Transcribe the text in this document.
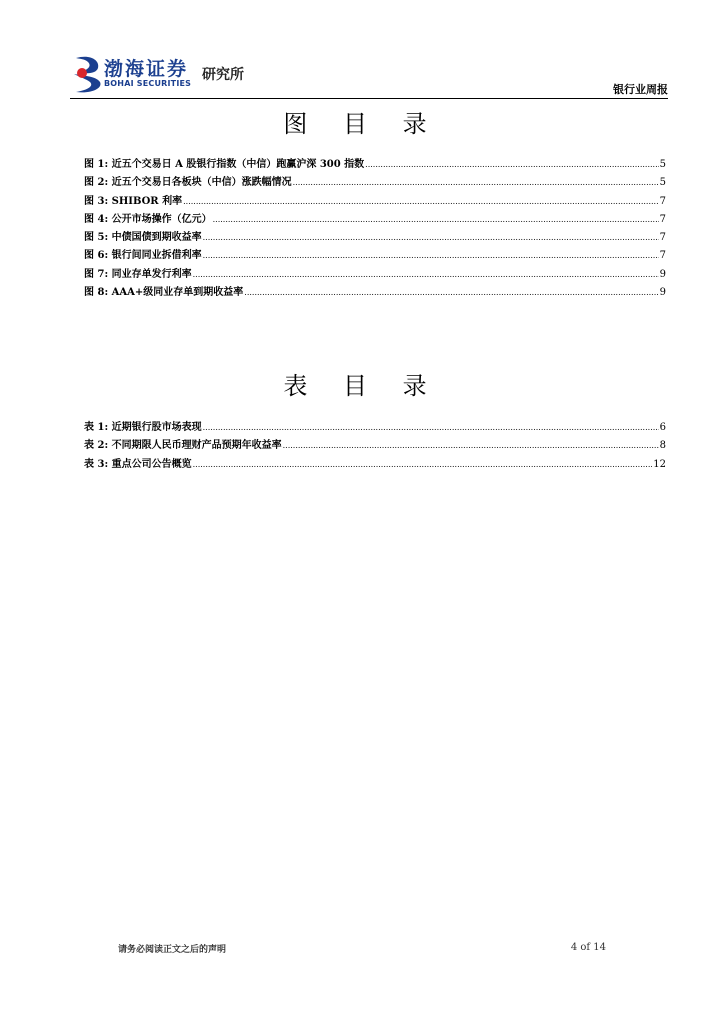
渤海证券
BOHAI SECURITIES
研究所
银行业周报
图 目 录
图 1: 近五个交易日 A 股银行指数（中信）跑赢沪深 300 指数 .....	5
图 2: 近五个交易日各板块（中信）涨跌幅情况 .....	5
图 3: SHIBOR 利率 .....	7
图 4: 公开市场操作（亿元） .....	7
图 5: 中债国债到期收益率 .....	7
图 6: 银行间同业拆借利率 .....	7
图 7: 同业存单发行利率 .....	9
图 8: AAA+级同业存单到期收益率 .....	9
表 目 录
表 1: 近期银行股市场表现 .....	6
表 2: 不同期限人民币理财产品预期年收益率 .....	8
表 3: 重点公司公告概览 .....	12
请务必阅读正文之后的声明	4 of 14
